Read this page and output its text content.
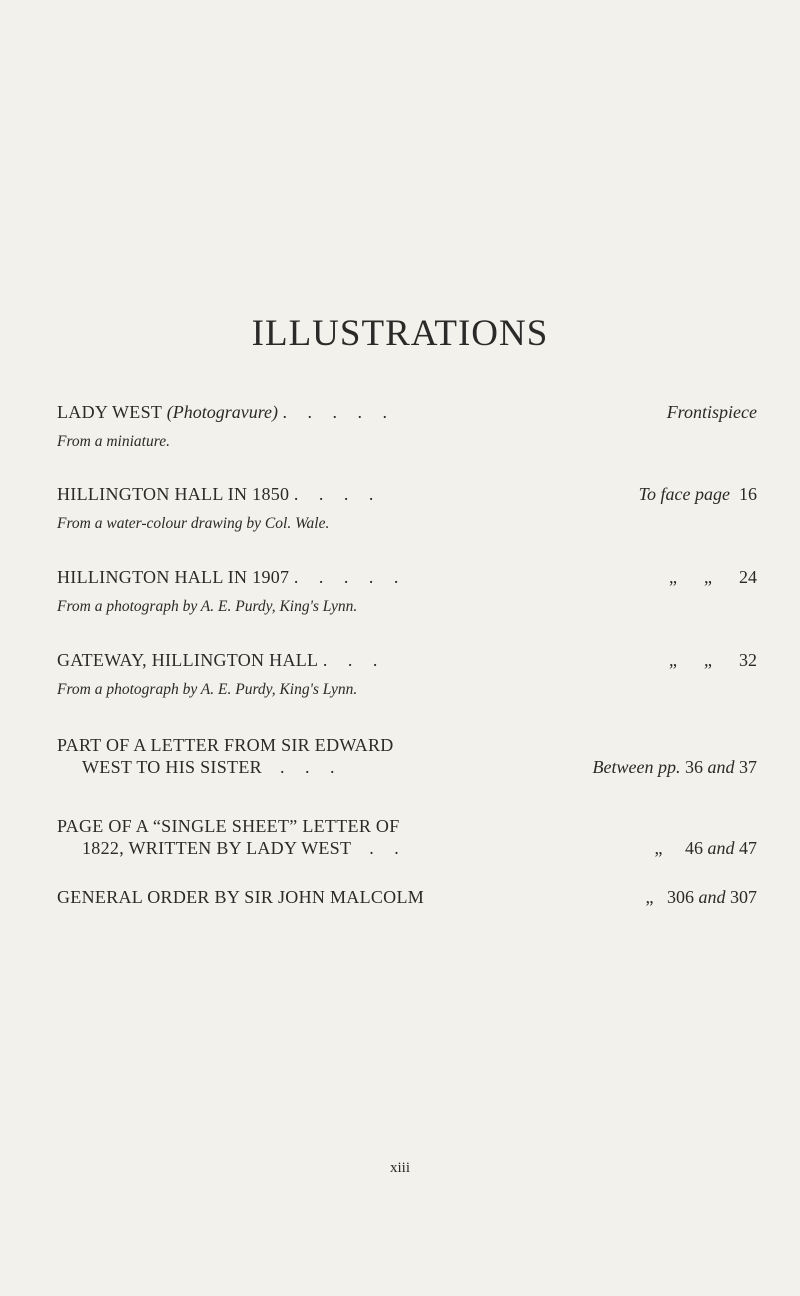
ILLUSTRATIONS
LADY WEST (Photogravure) . . . . .	Frontispiece
From a miniature.
HILLINGTON HALL IN 1850 . . . .	To face page 16
From a water-colour drawing by Col. Wale.
HILLINGTON HALL IN 1907 . . . . .	„ „ 24
From a photograph by A. E. Purdy, King's Lynn.
GATEWAY, HILLINGTON HALL . . .	„ „ 32
From a photograph by A. E. Purdy, King's Lynn.
PART OF A LETTER FROM SIR EDWARD
WEST TO HIS SISTER . . .	Between pp. 36 and 37
PAGE OF A “SINGLE SHEET” LETTER OF
1822, WRITTEN BY LADY WEST . .	„ 46 and 47
GENERAL ORDER BY SIR JOHN MALCOLM	„ 306 and 307
xiii
